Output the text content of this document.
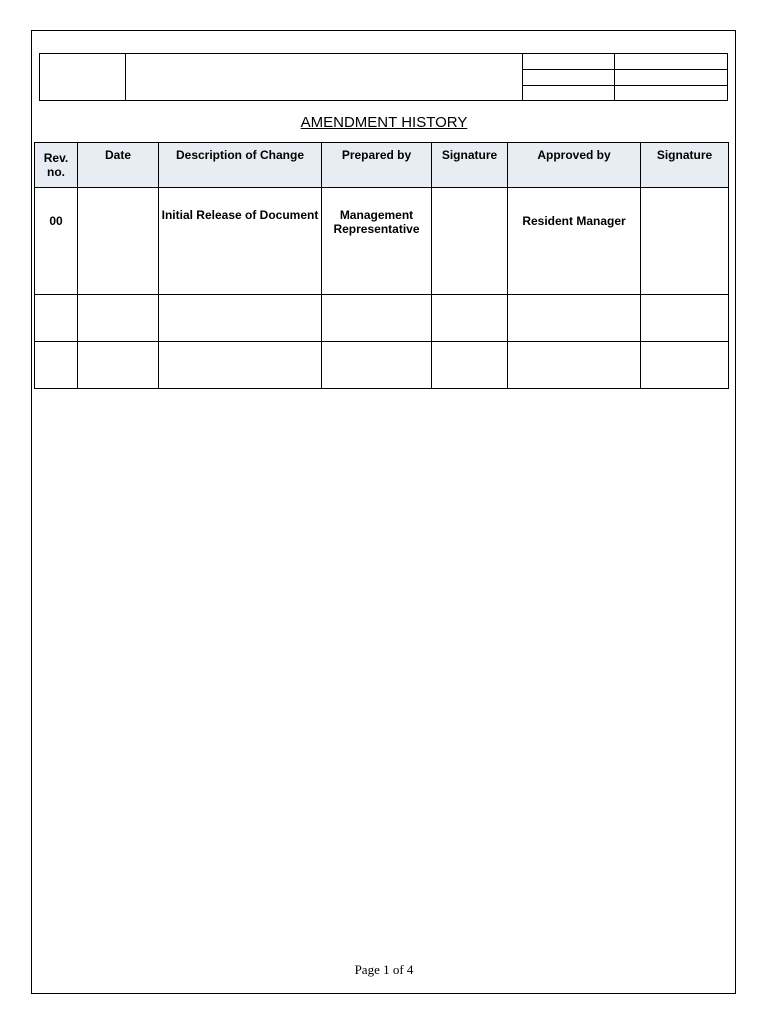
AMENDMENT HISTORY
Rev. no.	Date	Description of Change	Prepared by	Signature	Approved by	Signature
00		Initial Release of Document	Management Representative		Resident Manager	

Page 1 of 4
